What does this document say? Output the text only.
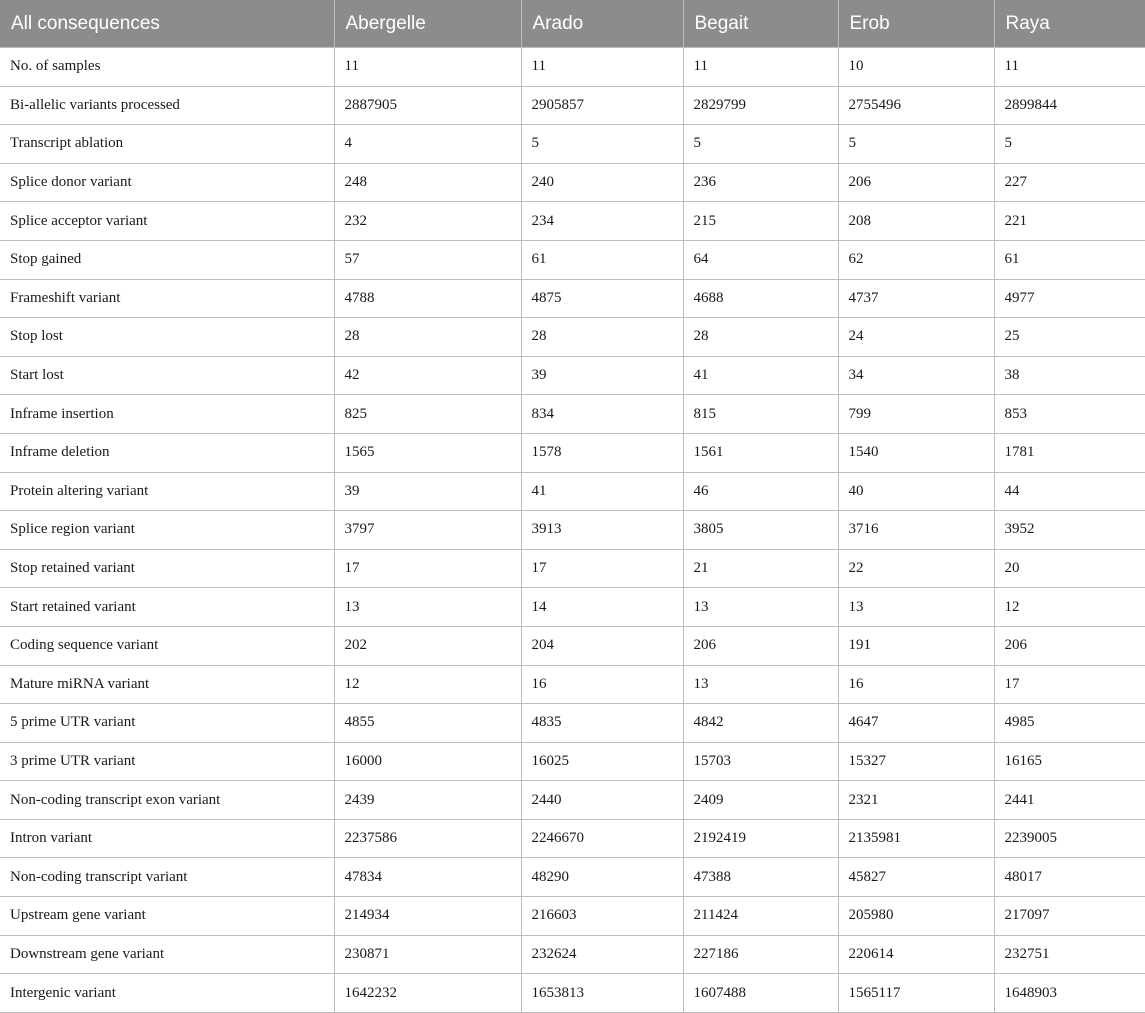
All consequences	Abergelle	Arado	Begait	Erob	Raya
No. of samples	11	11	11	10	11
Bi-allelic variants processed	2887905	2905857	2829799	2755496	2899844
Transcript ablation	4	5	5	5	5
Splice donor variant	248	240	236	206	227
Splice acceptor variant	232	234	215	208	221
Stop gained	57	61	64	62	61
Frameshift variant	4788	4875	4688	4737	4977
Stop lost	28	28	28	24	25
Start lost	42	39	41	34	38
Inframe insertion	825	834	815	799	853
Inframe deletion	1565	1578	1561	1540	1781
Protein altering variant	39	41	46	40	44
Splice region variant	3797	3913	3805	3716	3952
Stop retained variant	17	17	21	22	20
Start retained variant	13	14	13	13	12
Coding sequence variant	202	204	206	191	206
Mature miRNA variant	12	16	13	16	17
5 prime UTR variant	4855	4835	4842	4647	4985
3 prime UTR variant	16000	16025	15703	15327	16165
Non-coding transcript exon variant	2439	2440	2409	2321	2441
Intron variant	2237586	2246670	2192419	2135981	2239005
Non-coding transcript variant	47834	48290	47388	45827	48017
Upstream gene variant	214934	216603	211424	205980	217097
Downstream gene variant	230871	232624	227186	220614	232751
Intergenic variant	1642232	1653813	1607488	1565117	1648903
